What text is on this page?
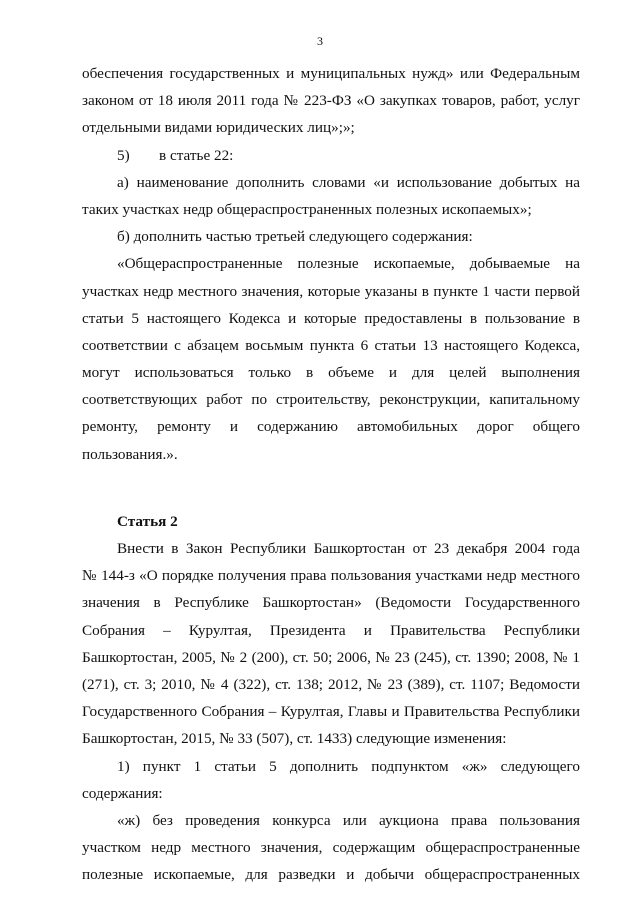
3
обеспечения государственных и муниципальных нужд» или Федеральным
законом от 18 июля 2011 года № 223-ФЗ «О закупках товаров, работ, услуг
отдельными видами юридических лиц»;»;
5) в статье 22:
а) наименование дополнить словами «и использование добытых на
таких участках недр общераспространенных полезных ископаемых»;
б) дополнить частью третьей следующего содержания:
«Общераспространенные полезные ископаемые, добываемые на
участках недр местного значения, которые указаны в пункте 1 части первой
статьи 5 настоящего Кодекса и которые предоставлены в пользование в
соответствии с абзацем восьмым пункта 6 статьи 13 настоящего Кодекса,
могут использоваться только в объеме и для целей выполнения
соответствующих работ по строительству, реконструкции, капитальному
ремонту, ремонту и содержанию автомобильных дорог общего
пользования.».
Статья 2
Внести в Закон Республики Башкортостан от 23 декабря 2004 года
№ 144-з «О порядке получения права пользования участками недр местного
значения в Республике Башкортостан» (Ведомости Государственного
Собрания – Курултая, Президента и Правительства Республики
Башкортостан, 2005, № 2 (200), ст. 50; 2006, № 23 (245), ст. 1390; 2008, № 1
(271), ст. 3; 2010, № 4 (322), ст. 138; 2012, № 23 (389), ст. 1107; Ведомости
Государственного Собрания – Курултая, Главы и Правительства Республики
Башкортостан, 2015, № 33 (507), ст. 1433) следующие изменения:
1) пункт 1 статьи 5 дополнить подпунктом «ж» следующего
содержания:
«ж) без проведения конкурса или аукциона права пользования
участком недр местного значения, содержащим общераспространенные
полезные ископаемые, для разведки и добычи общераспространенных
